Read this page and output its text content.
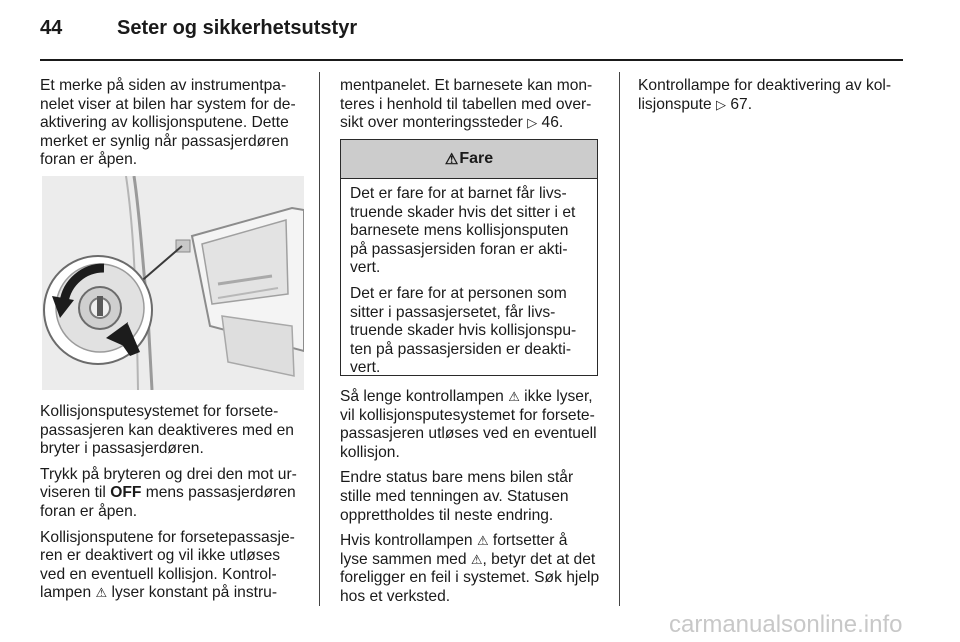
44	Seter og sikkerhetsutstyr

Et merke på siden av instrumentpa-
nelet viser at bilen har system for de-
aktivering av kollisjonsputene. Dette
merket er synlig når passasjerdøren
foran er åpen.

Kollisjonsputesystemet for forsete-
passasjeren kan deaktiveres med en
bryter i passasjerdøren.

Trykk på bryteren og drei den mot ur-
viseren til OFF mens passasjerdøren
foran er åpen.

Kollisjonsputene for forsetepassasje-
ren er deaktivert og vil ikke utløses
ved en eventuell kollisjon. Kontrol-
lampen ⚠ lyser konstant på instru-

mentpanelet. Et barnesete kan mon-
teres i henhold til tabellen med over-
sikt over monteringssteder ▷ 46.

⚠ Fare

Det er fare for at barnet får livs-
truende skader hvis det sitter i et
barnesete mens kollisjonsputen
på passasjersiden foran er akti-
vert.

Det er fare for at personen som
sitter i passasjersetet, får livs-
truende skader hvis kollisjonspu-
ten på passasjersiden er deakti-
vert.

Så lenge kontrollampen ⚠ ikke lyser,
vil kollisjonsputesystemet for forsete-
passasjeren utløses ved en eventuell
kollisjon.

Endre status bare mens bilen står
stille med tenningen av. Statusen
opprettholdes til neste endring.

Hvis kontrollampen ⚠ fortsetter å
lyse sammen med ⚠, betyr det at det
foreligger en feil i systemet. Søk hjelp
hos et verksted.

Kontrollampe for deaktivering av kol-
lisjonspute ▷ 67.

carmanualsonline.info
